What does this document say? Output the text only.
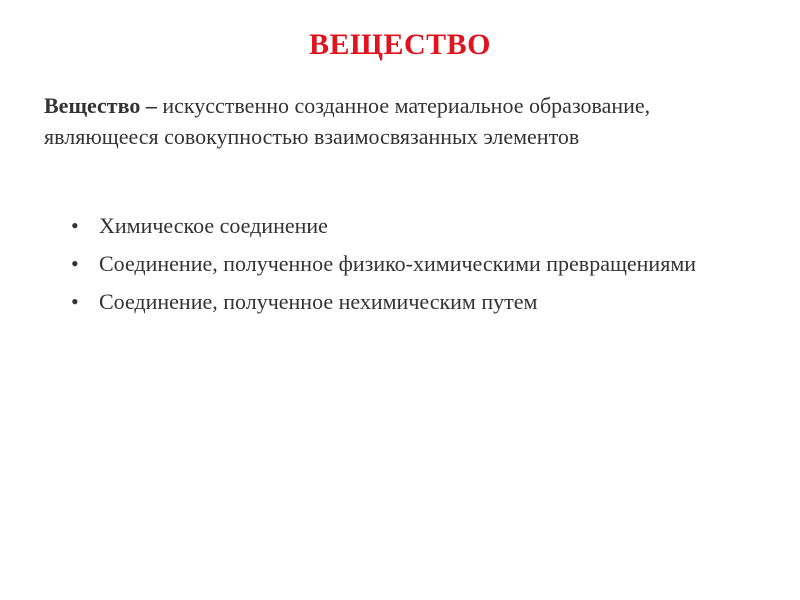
ВЕЩЕСТВО
Вещество – искусственно созданное материальное образование, являющееся совокупностью взаимосвязанных элементов
• Химическое соединение
• Соединение, полученное физико-химическими превращениями
• Соединение, полученное нехимическим путем
